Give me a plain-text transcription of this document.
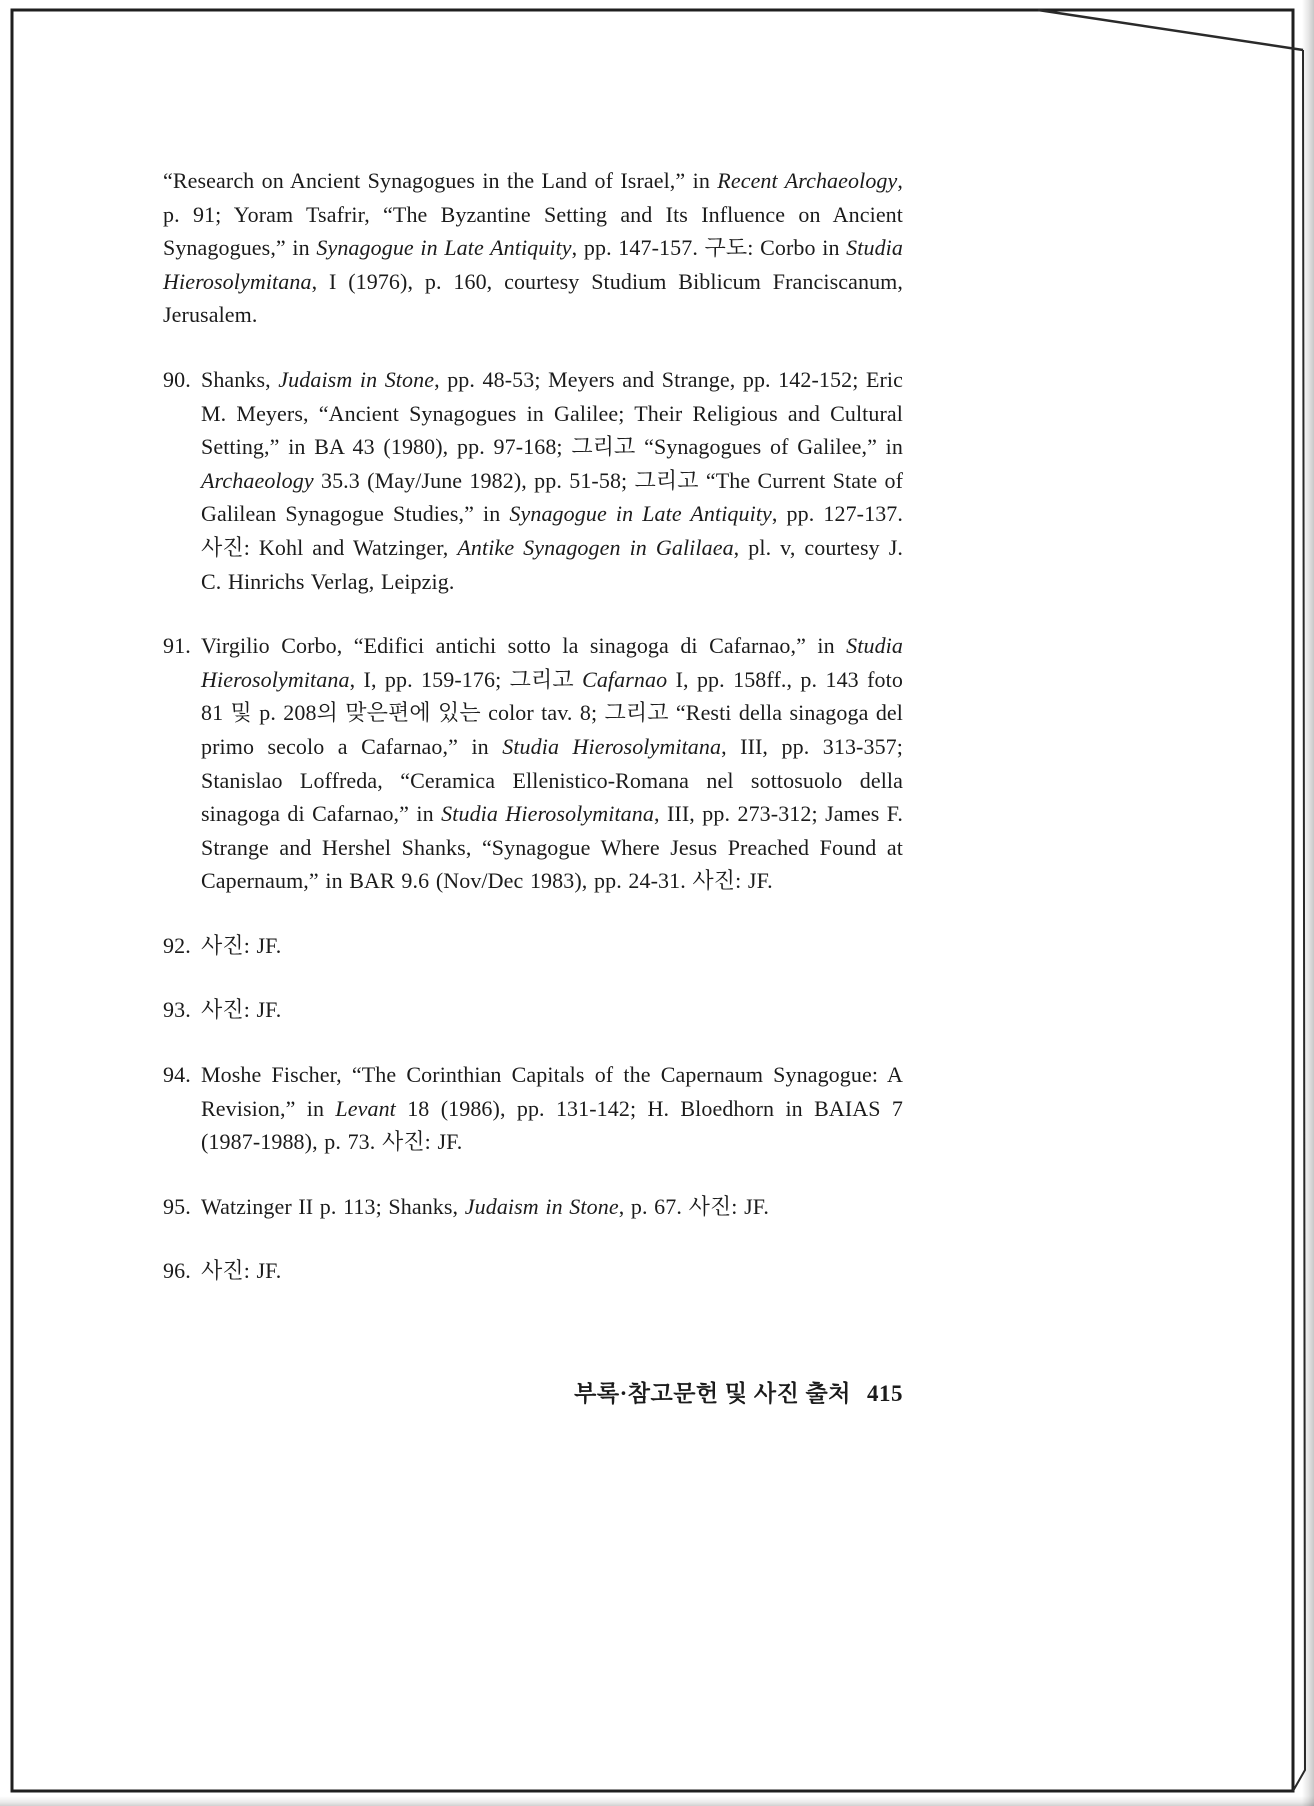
“Research on Ancient Synagogues in the Land of Israel,” in Recent Archaeology, p. 91; Yoram Tsafrir, “The Byzantine Setting and Its Influence on Ancient Synagogues,” in Synagogue in Late Antiquity, pp. 147-157. 구도: Corbo in Studia Hierosolymitana, I (1976), p. 160, courtesy Studium Biblicum Franciscanum, Jerusalem.

90. Shanks, Judaism in Stone, pp. 48-53; Meyers and Strange, pp. 142-152; Eric M. Meyers, “Ancient Synagogues in Galilee; Their Religious and Cultural Setting,” in BA 43 (1980), pp. 97-168; 그리고 “Synagogues of Galilee,” in Archaeology 35.3 (May/June 1982), pp. 51-58; 그리고 “The Current State of Galilean Synagogue Studies,” in Synagogue in Late Antiquity, pp. 127-137. 사진: Kohl and Watzinger, Antike Synagogen in Galilaea, pl. v, courtesy J. C. Hinrichs Verlag, Leipzig.

91. Virgilio Corbo, “Edifici antichi sotto la sinagoga di Cafarnao,” in Studia Hierosolymitana, I, pp. 159-176; 그리고 Cafarnao I, pp. 158ff., p. 143 foto 81 및 p. 208의 맞은편에 있는 color tav. 8; 그리고 “Resti della sinagoga del primo secolo a Cafarnao,” in Studia Hierosolymitana, III, pp. 313-357; Stanislao Loffreda, “Ceramica Ellenistico-Romana nel sottosuolo della sinagoga di Cafarnao,” in Studia Hierosolymitana, III, pp. 273-312; James F. Strange and Hershel Shanks, “Synagogue Where Jesus Preached Found at Capernaum,” in BAR 9.6 (Nov/Dec 1983), pp. 24-31. 사진: JF.

92. 사진: JF.

93. 사진: JF.

94. Moshe Fischer, “The Corinthian Capitals of the Capernaum Synagogue: A Revision,” in Levant 18 (1986), pp. 131-142; H. Bloedhorn in BAIAS 7 (1987-1988), p. 73. 사진: JF.

95. Watzinger II p. 113; Shanks, Judaism in Stone, p. 67. 사진: JF.

96. 사진: JF.

부록·참고문헌 및 사진 출처 415
